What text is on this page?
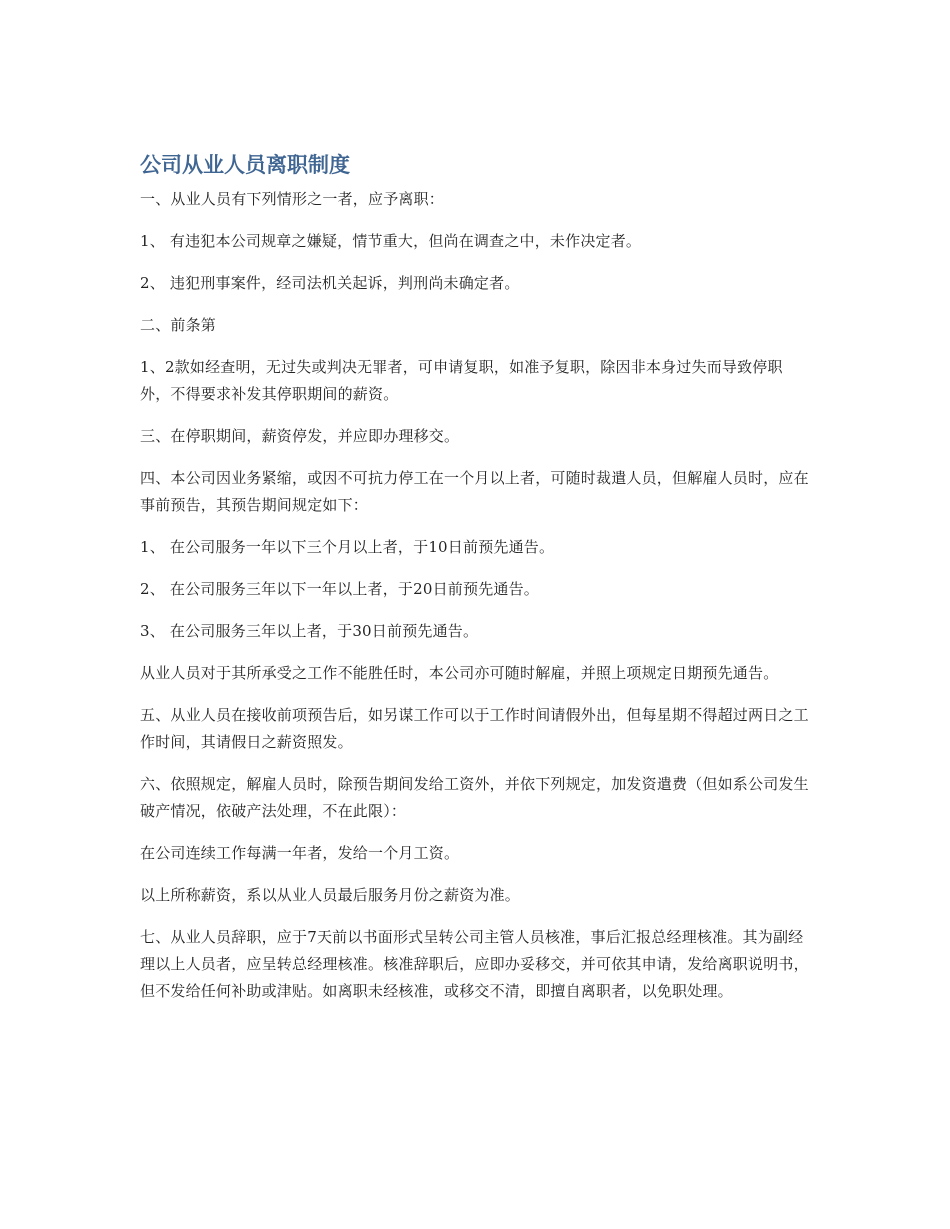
公司从业人员离职制度

一、从业人员有下列情形之一者，应予离职：

1、 有违犯本公司规章之嫌疑，情节重大，但尚在调查之中，未作决定者。

2、 违犯刑事案件，经司法机关起诉，判刑尚未确定者。

二、前条第

1、2款如经查明，无过失或判决无罪者，可申请复职，如准予复职，除因非本身过失而导致停职外，不得要求补发其停职期间的薪资。

三、在停职期间，薪资停发，并应即办理移交。

四、本公司因业务紧缩，或因不可抗力停工在一个月以上者，可随时裁遣人员，但解雇人员时，应在事前预告，其预告期间规定如下：

1、 在公司服务一年以下三个月以上者，于10日前预先通告。

2、 在公司服务三年以下一年以上者，于20日前预先通告。

3、 在公司服务三年以上者，于30日前预先通告。

从业人员对于其所承受之工作不能胜任时，本公司亦可随时解雇，并照上项规定日期预先通告。

五、从业人员在接收前项预告后，如另谋工作可以于工作时间请假外出，但每星期不得超过两日之工作时间，其请假日之薪资照发。

六、依照规定，解雇人员时，除预告期间发给工资外，并依下列规定，加发资遣费（但如系公司发生破产情况，依破产法处理，不在此限）：

在公司连续工作每满一年者，发给一个月工资。

以上所称薪资，系以从业人员最后服务月份之薪资为准。

七、从业人员辞职，应于7天前以书面形式呈转公司主管人员核准，事后汇报总经理核准。其为副经理以上人员者，应呈转总经理核准。核准辞职后，应即办妥移交，并可依其申请，发给离职说明书，但不发给任何补助或津贴。如离职未经核准，或移交不清，即擅自离职者，以免职处理。
